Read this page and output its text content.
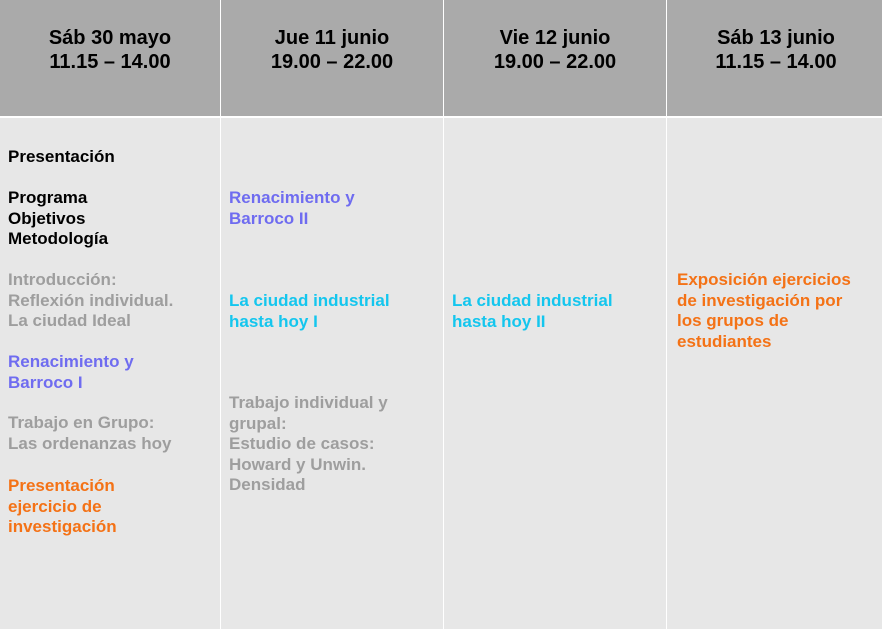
Sáb 30 mayo
11.15 – 14.00
Presentación
Programa
Objetivos
Metodología
Introducción:
Reflexión individual.
La ciudad Ideal
Renacimiento y
Barroco I
Trabajo en Grupo:
Las ordenanzas hoy
Presentación
ejercicio de
investigación
Jue 11 junio
19.00 – 22.00
Renacimiento y
Barroco II
La ciudad industrial
hasta hoy I
Trabajo individual y
grupal:
Estudio de casos:
Howard y Unwin.
Densidad
Vie 12 junio
19.00 – 22.00
La ciudad industrial
hasta hoy II
Sáb 13 junio
11.15 – 14.00
Exposición ejercicios
de investigación por
los grupos de
estudiantes
